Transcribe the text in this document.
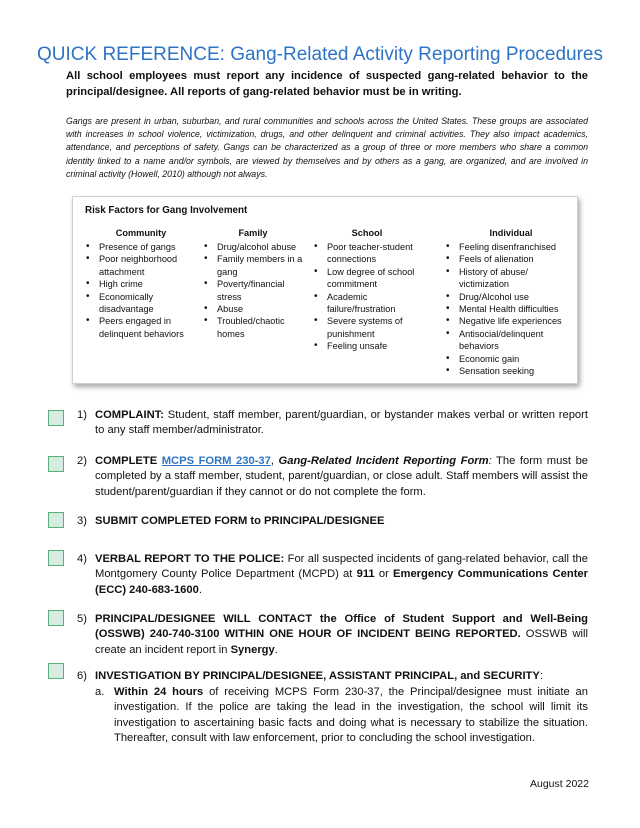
QUICK REFERENCE: Gang-Related Activity Reporting Procedures
All school employees must report any incidence of suspected gang-related behavior to the principal/designee. All reports of gang-related behavior must be in writing.
Gangs are present in urban, suburban, and rural communities and schools across the United States. These groups are associated with increases in school violence, victimization, drugs, and other delinquent and criminal activities. They also impact academics, attendance, and perceptions of safety. Gangs can be characterized as a group of three or more members who share a common identity linked to a name and/or symbols, are viewed by themselves and by others as a gang, are organized, and are involved in criminal activity (Howell, 2010) although not always.
Risk Factors for Gang Involvement
Community
• Presence of gangs
• Poor neighborhood attachment
• High crime
• Economically disadvantage
• Peers engaged in delinquent behaviors
Family
• Drug/alcohol abuse
• Family members in a gang
• Poverty/financial stress
• Abuse
• Troubled/chaotic homes
School
• Poor teacher-student connections
• Low degree of school commitment
• Academic failure/frustration
• Severe systems of punishment
• Feeling unsafe
Individual
• Feeling disenfranchised
• Feels of alienation
• History of abuse/ victimization
• Drug/Alcohol use
• Mental Health difficulties
• Negative life experiences
• Antisocial/delinquent behaviors
• Economic gain
• Sensation seeking
1) COMPLAINT: Student, staff member, parent/guardian, or bystander makes verbal or written report to any staff member/administrator.
2) COMPLETE MCPS FORM 230-37, Gang-Related Incident Reporting Form: The form must be completed by a staff member, student, parent/guardian, or close adult. Staff members will assist the student/parent/guardian if they cannot or do not complete the form.
3) SUBMIT COMPLETED FORM to PRINCIPAL/DESIGNEE
4) VERBAL REPORT TO THE POLICE: For all suspected incidents of gang-related behavior, call the Montgomery County Police Department (MCPD) at 911 or Emergency Communications Center (ECC) 240-683-1600.
5) PRINCIPAL/DESIGNEE WILL CONTACT the Office of Student Support and Well-Being (OSSWB) 240-740-3100 WITHIN ONE HOUR OF INCIDENT BEING REPORTED. OSSWB will create an incident report in Synergy.
6) INVESTIGATION BY PRINCIPAL/DESIGNEE, ASSISTANT PRINCIPAL, and SECURITY:
a. Within 24 hours of receiving MCPS Form 230-37, the Principal/designee must initiate an investigation. If the police are taking the lead in the investigation, the school will limit its investigation to ascertaining basic facts and doing what is necessary to stabilize the situation. Thereafter, consult with law enforcement, prior to concluding the school investigation.
August 2022
